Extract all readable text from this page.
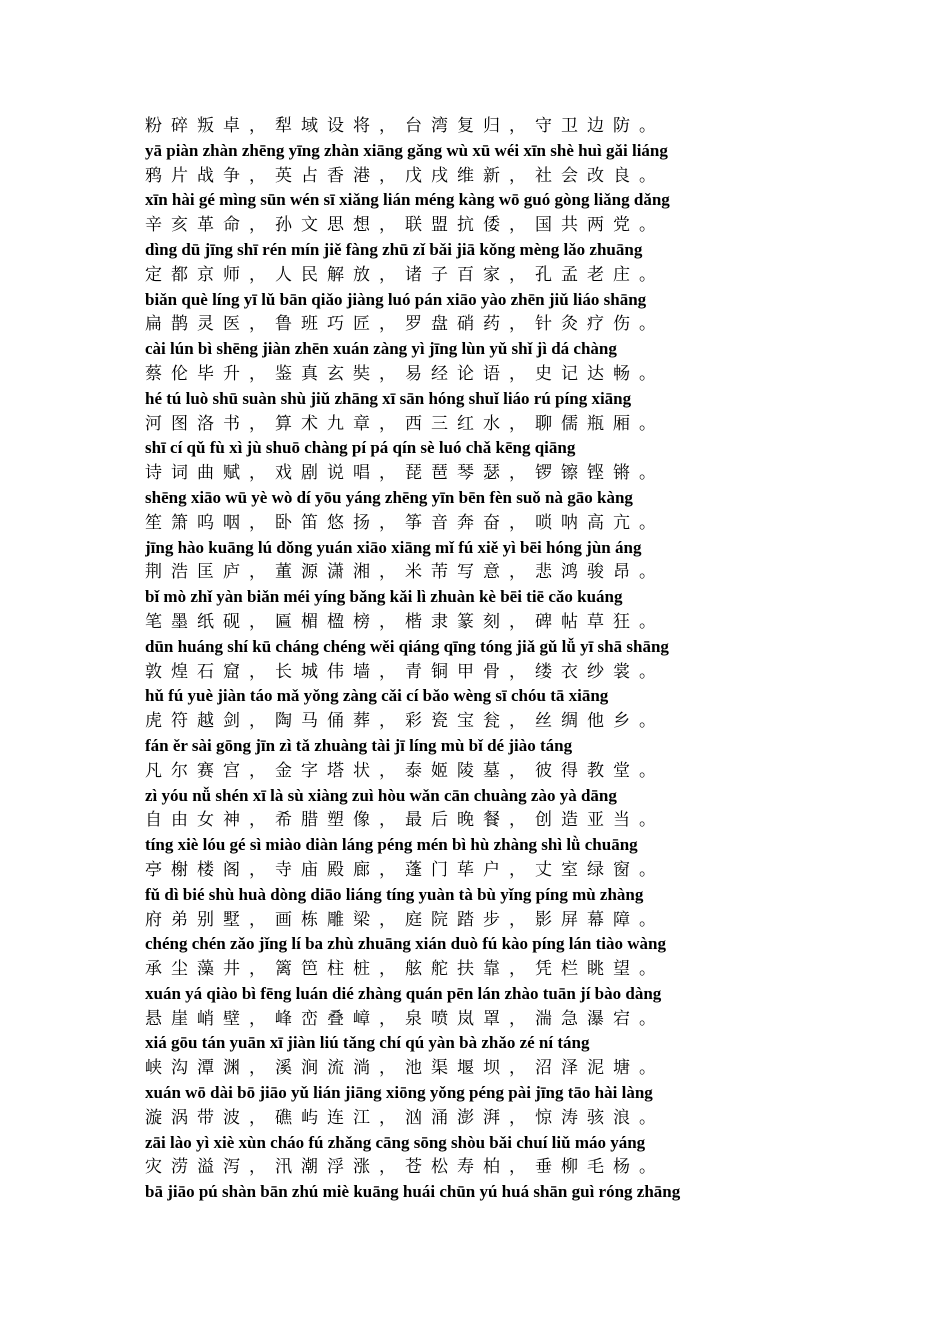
粉碎叛卓，犁域设将，台湾复归，守卫边防。
yā piàn zhàn zhēng yīng zhàn xiāng gǎng wù xū wéi xīn shè huì gǎi liáng
鸦片战争，英占香港，戊戌维新，社会改良。
xīn hài gé mìng sūn wén sī xiǎng lián méng kàng wō guó gòng liǎng dǎng
辛亥革命，孙文思想，联盟抗倭，国共两党。
dìng dū jīng shī rén mín jiě fàng zhū zǐ bǎi jiā kǒng mèng lǎo zhuāng
定都京师，人民解放，诸子百家，孔孟老庄。
biǎn què líng yī lǔ bān qiǎo jiàng luó pán xiāo yào zhēn jiǔ liáo shāng
扁鹊灵医，鲁班巧匠，罗盘硝药，针灸疗伤。
cài lún bì shēng jiàn zhēn xuán zàng yì jīng lùn yǔ shǐ jì dá chàng
蔡伦毕升，鉴真玄奘，易经论语，史记达畅。
hé tú luò shū suàn shù jiǔ zhāng xī sān hóng shuǐ liáo rú píng xiāng
河图洛书，算术九章，西三红水，聊儒瓶厢。
shī cí qǔ fù xì jù shuō chàng pí pá qín sè luó chǎ kēng qiāng
诗词曲赋，戏剧说唱，琵琶琴瑟，锣镲铿锵。
shēng xiāo wū yè wò dí yōu yáng zhēng yīn bēn fèn suǒ nà gāo kàng
笙箫呜咽，卧笛悠扬，筝音奔奋，唢呐高亢。
jīng hào kuāng lú dǒng yuán xiāo xiāng mǐ fú xiě yì bēi hóng jùn áng
荆浩匡庐，董源潇湘，米芾写意，悲鸿骏昂。
bǐ mò zhǐ yàn biǎn méi yíng bǎng kǎi lì zhuàn kè bēi tiē cǎo kuáng
笔墨纸砚，匾楣楹榜，楷隶篆刻，碑帖草狂。
dūn huáng shí kū cháng chéng wěi qiáng qīng tóng jiǎ gǔ lǚ yī shā shāng
敦煌石窟，长城伟墙，青铜甲骨，缕衣纱裳。
hǔ fú yuè jiàn táo mǎ yǒng zàng cǎi cí bǎo wèng sī chóu tā xiāng
虎符越剑，陶马俑葬，彩瓷宝瓮，丝绸他乡。
fán ěr sài gōng jīn zì tǎ zhuàng tài jī líng mù bǐ dé jiào táng
凡尔赛宫，金字塔状，泰姬陵墓，彼得教堂。
zì yóu nǚ shén xī là sù xiàng zuì hòu wǎn cān chuàng zào yà dāng
自由女神，希腊塑像，最后晚餐，创造亚当。
tíng xiè lóu gé sì miào diàn láng péng mén bì hù zhàng shì lǜ chuāng
亭榭楼阁，寺庙殿廊，蓬门荜户，丈室绿窗。
fǔ dì bié shù huà dòng diāo liáng tíng yuàn tà bù yǐng píng mù zhàng
府弟别墅，画栋雕梁，庭院踏步，影屏幕障。
chéng chén zǎo jǐng lí ba zhù zhuāng xián duò fú kào píng lán tiào wàng
承尘藻井，篱笆柱桩，舷舵扶靠，凭栏眺望。
xuán yá qiào bì fēng luán dié zhàng quán pēn lán zhào tuān jí bào dàng
悬崖峭壁，峰峦叠嶂，泉喷岚罩，湍急瀑宕。
xiá gōu tán yuān xī jiàn liú tǎng chí qú yàn bà zhǎo zé ní táng
峡沟潭渊，溪涧流淌，池渠堰坝，沼泽泥塘。
xuán wō dài bō jiāo yǔ lián jiāng xiōng yǒng péng pài jīng tāo hài làng
漩涡带波，礁屿连江，汹涌澎湃，惊涛骇浪。
zāi lào yì xiè xùn cháo fú zhǎng cāng sōng shòu bǎi chuí liǔ máo yáng
灾涝溢泻，汛潮浮涨，苍松寿柏，垂柳毛杨。
bā jiāo pú shàn bān zhú miè kuāng huái chūn yú huá shān guì róng zhāng
